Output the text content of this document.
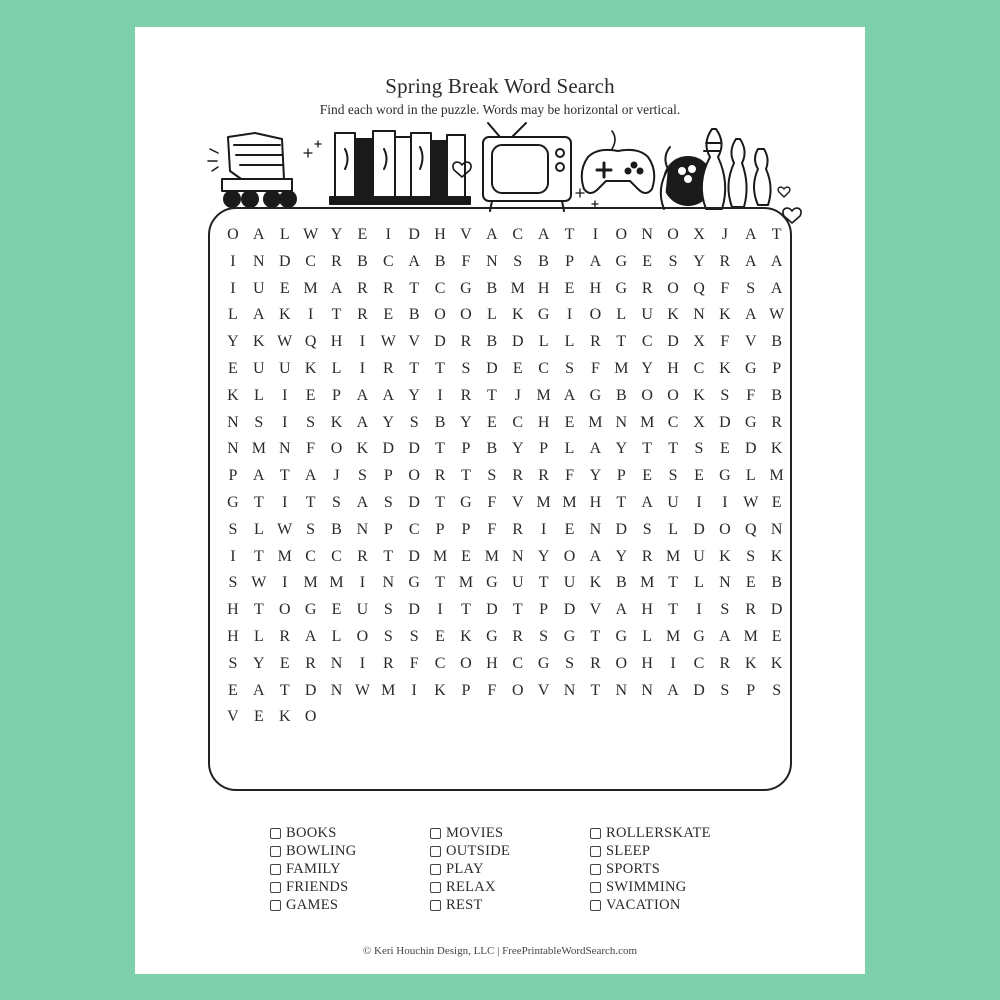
Spring Break Word Search
Find each word in the puzzle. Words may be horizontal or vertical.
O A L W Y E	I	D H V A C A T	I	O N O X	J	A T
I	N D C R B C A B	F N S	B	P A G E	S Y R A A
I	U E M A R R T C G B M H E H G R O Q F	S A
L A K	I	T R E B O O L K G	I	O L U K N K A W
Y K W Q H	I W V D R B D L	L R T C D X F V B
E U U K L	I	R T	T	S D E C	S	F M Y H C K G P
K L	I	E	P A A Y	I	R T	J M A G B O O K S	F	B
N S	I	S K A Y S	B Y E C H E M N M C X D G R
N M N F O K D D T	P	B Y P	L A Y T	T	S	E D K
P A T A	J	S	P O R T	S	R R	F Y P	E	S	E G L M
G T	I	T	S A S D T G F V M M H T A U	I	I W E
S	L W S	B N P	C	P	P	F	R	I	E N D S	L D O Q N
I	T M C C R T D M E M N Y O A Y R M U K S K
S W I	M M	I	N G T M G U T U K B M T	L N E B
H T O G E U S D	I	T D T	P D V A H T	I	S	R D
H L R A L O S	S	E K G R	S G T G L M G A M E
S Y E R N	I	R	F	C O H C G S	R O H	I	C R K K
E A T D N W M	I	K P	F O V N T N N A D S	P	S
V E K O
BOOKS	MOVIES	ROLLERSKATE
BOWLING	OUTSIDE	SLEEP
FAMILY	PLAY	SPORTS
FRIENDS	RELAX	SWIMMING
GAMES	REST	VACATION
© Keri Houchin Design, LLC | FreePrintableWordSearch.com
